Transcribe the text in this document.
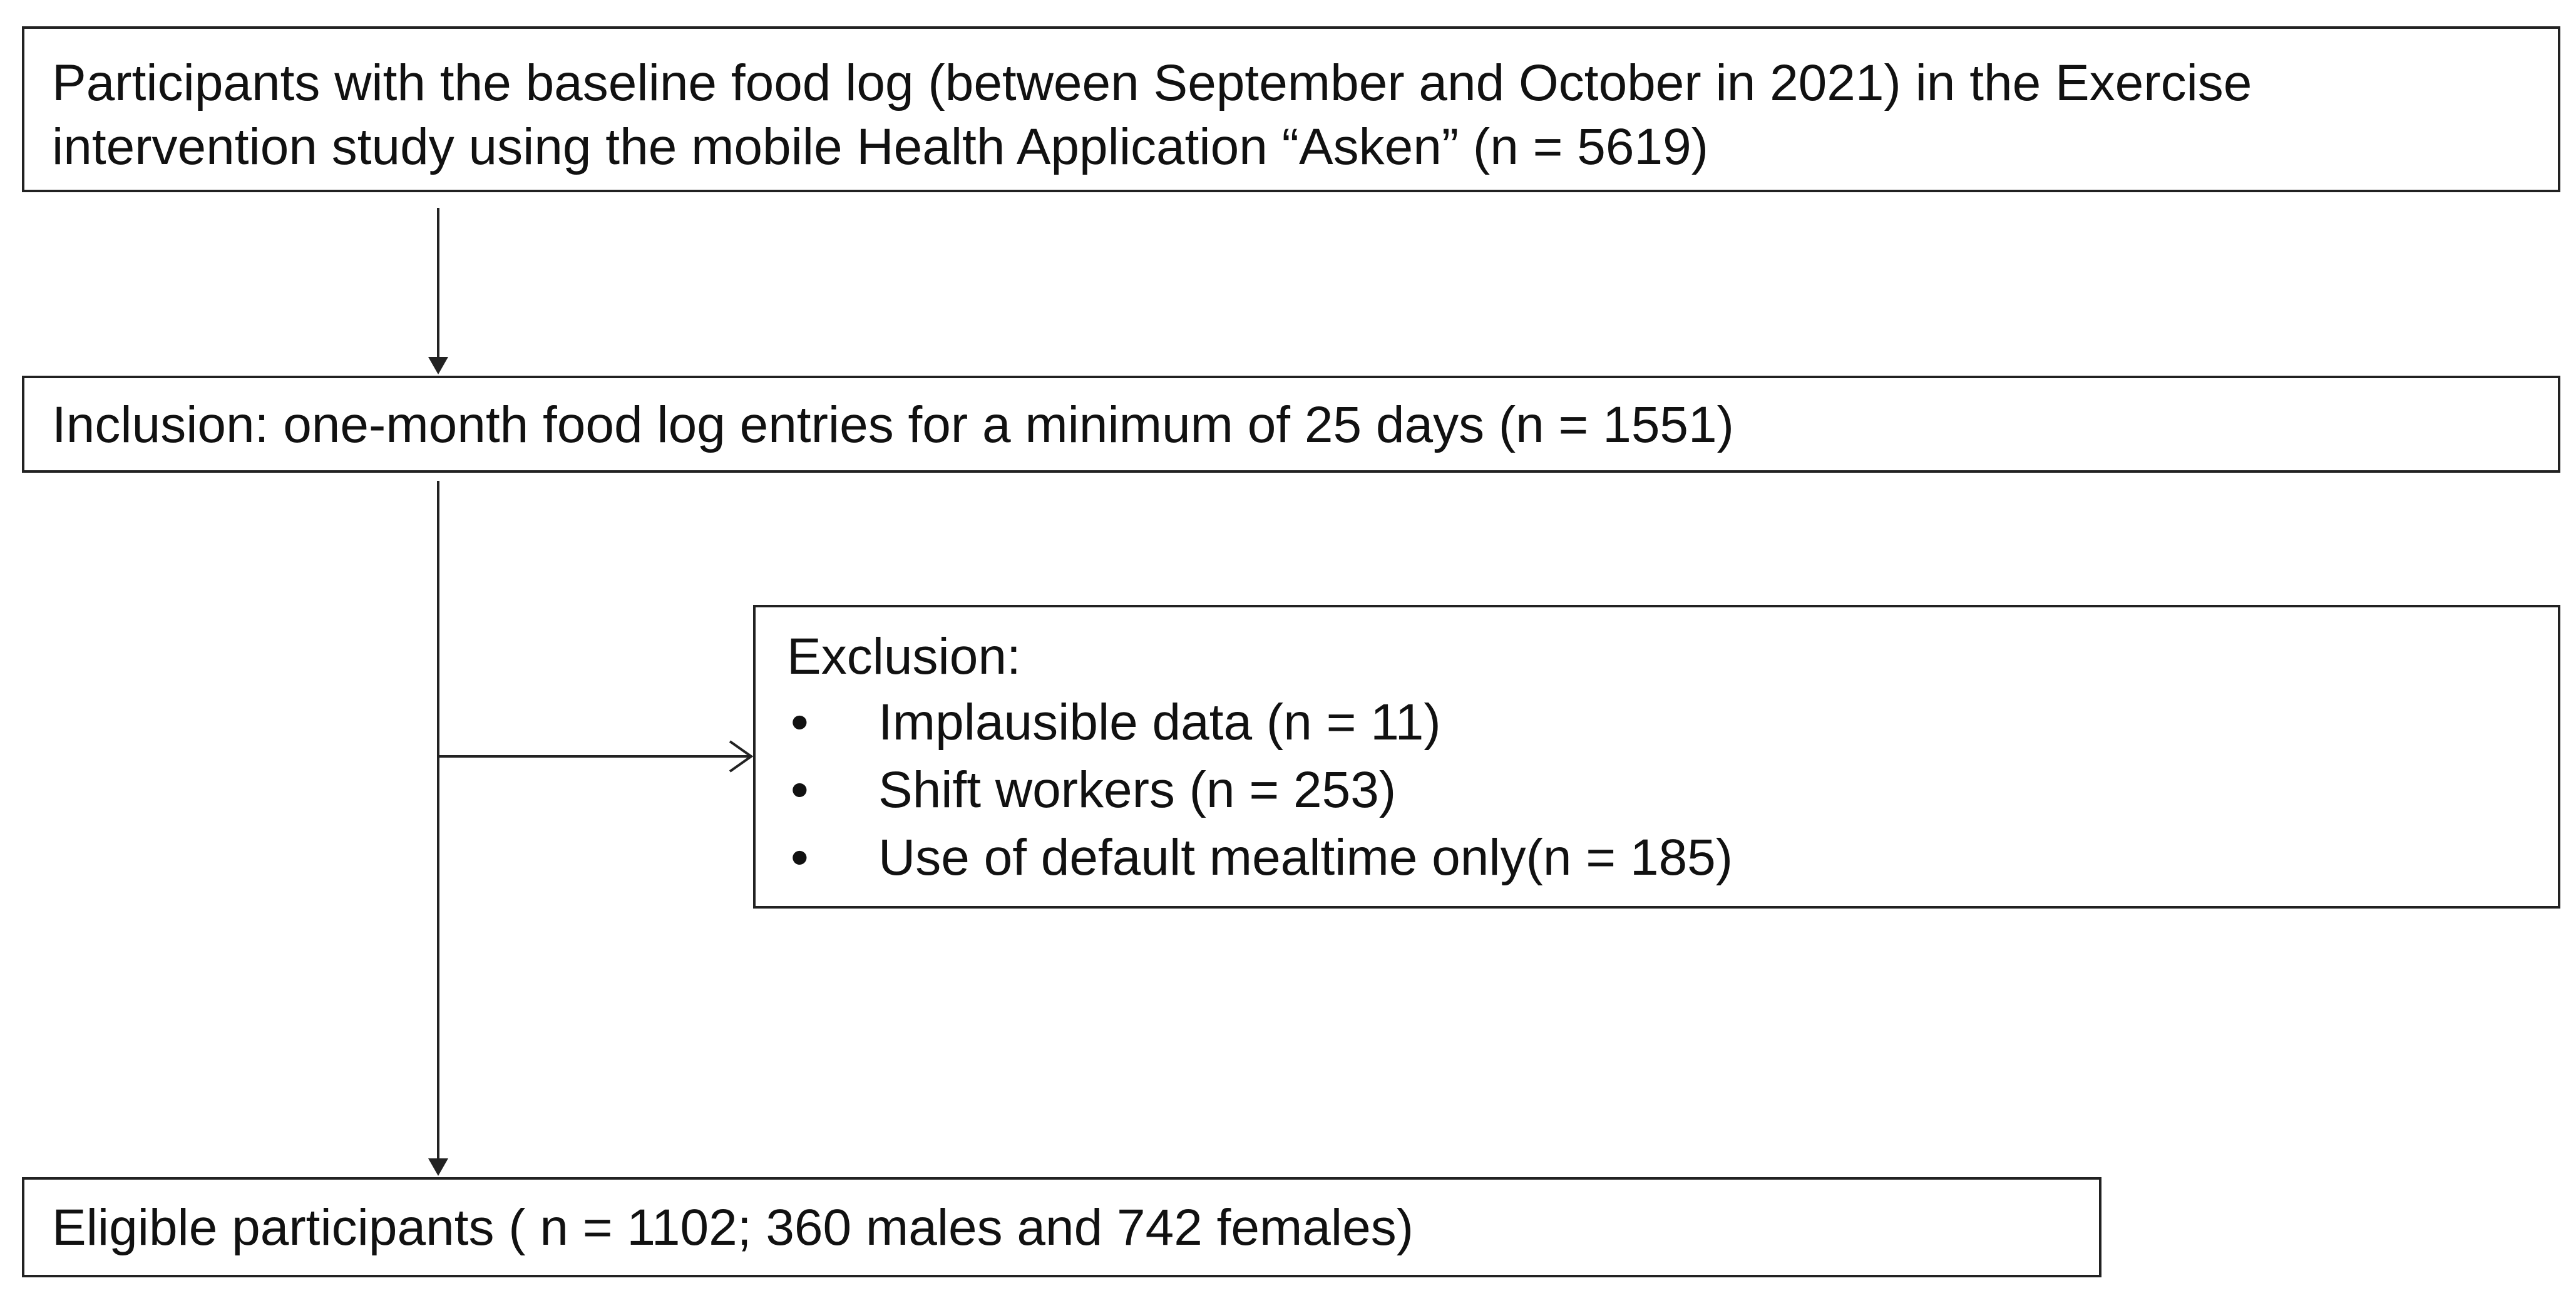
Participants with the baseline food log (between September and October in 2021) in the Exercise
intervention study using the mobile Health Application “Asken” (n = 5619)
Inclusion: one-month food log entries for a minimum of 25 days (n = 1551)
Exclusion:
• Implausible data (n = 11)
• Shift workers (n = 253)
• Use of default mealtime only(n = 185)
Eligible participants ( n = 1102; 360 males and 742 females)
